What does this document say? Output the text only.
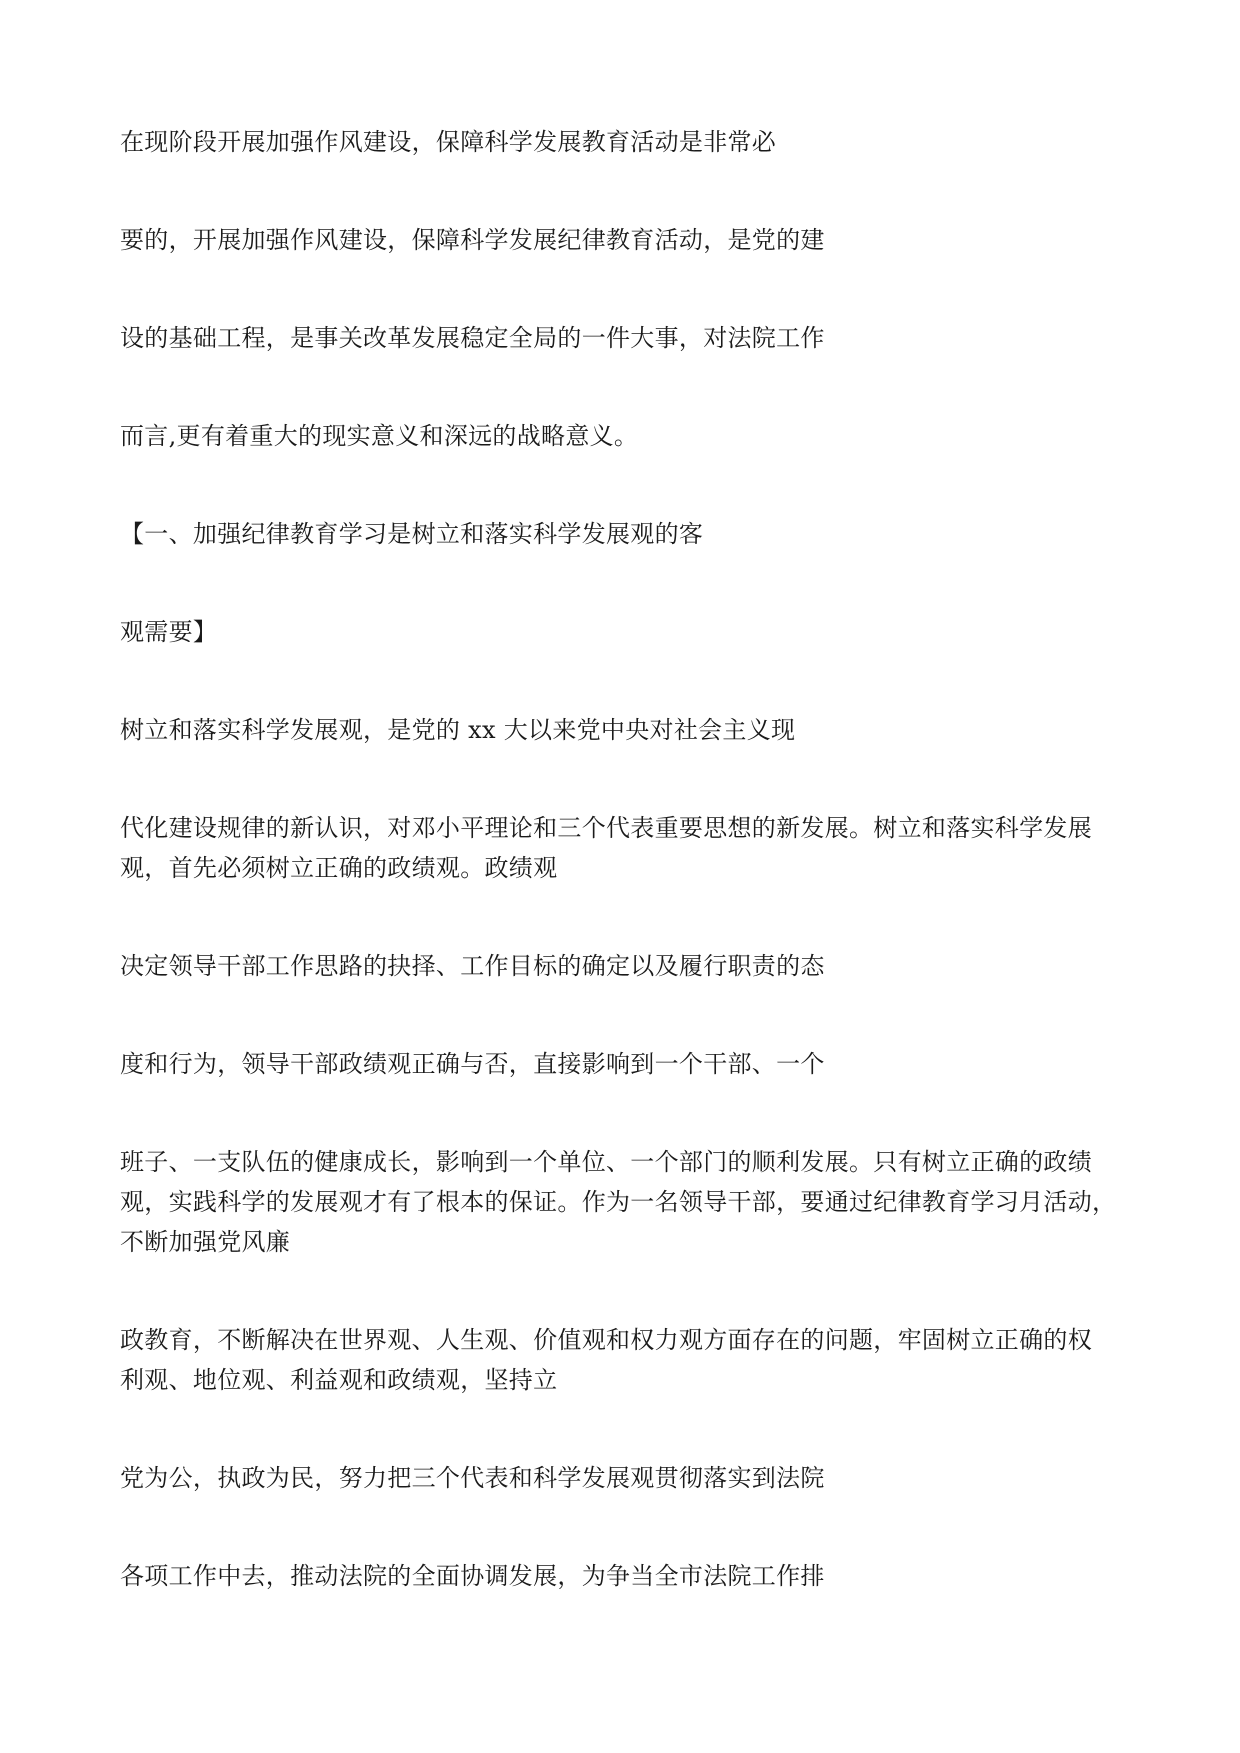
在现阶段开展加强作风建设，保障科学发展教育活动是非常必

要的，开展加强作风建设，保障科学发展纪律教育活动，是党的建

设的基础工程，是事关改革发展稳定全局的一件大事，对法院工作

而言,更有着重大的现实意义和深远的战略意义。

【一、加强纪律教育学习是树立和落实科学发展观的客

观需要】

树立和落实科学发展观，是党的 xx 大以来党中央对社会主义现

代化建设规律的新认识，对邓小平理论和三个代表重要思想的新发展。树立和落实科学发展
观，首先必须树立正确的政绩观。政绩观

决定领导干部工作思路的抉择、工作目标的确定以及履行职责的态

度和行为，领导干部政绩观正确与否，直接影响到一个干部、一个

班子、一支队伍的健康成长，影响到一个单位、一个部门的顺利发展。只有树立正确的政绩
观，实践科学的发展观才有了根本的保证。作为一名领导干部，要通过纪律教育学习月活动，
不断加强党风廉

政教育，不断解决在世界观、人生观、价值观和权力观方面存在的问题，牢固树立正确的权
利观、地位观、利益观和政绩观，坚持立

党为公，执政为民，努力把三个代表和科学发展观贯彻落实到法院

各项工作中去，推动法院的全面协调发展，为争当全市法院工作排
